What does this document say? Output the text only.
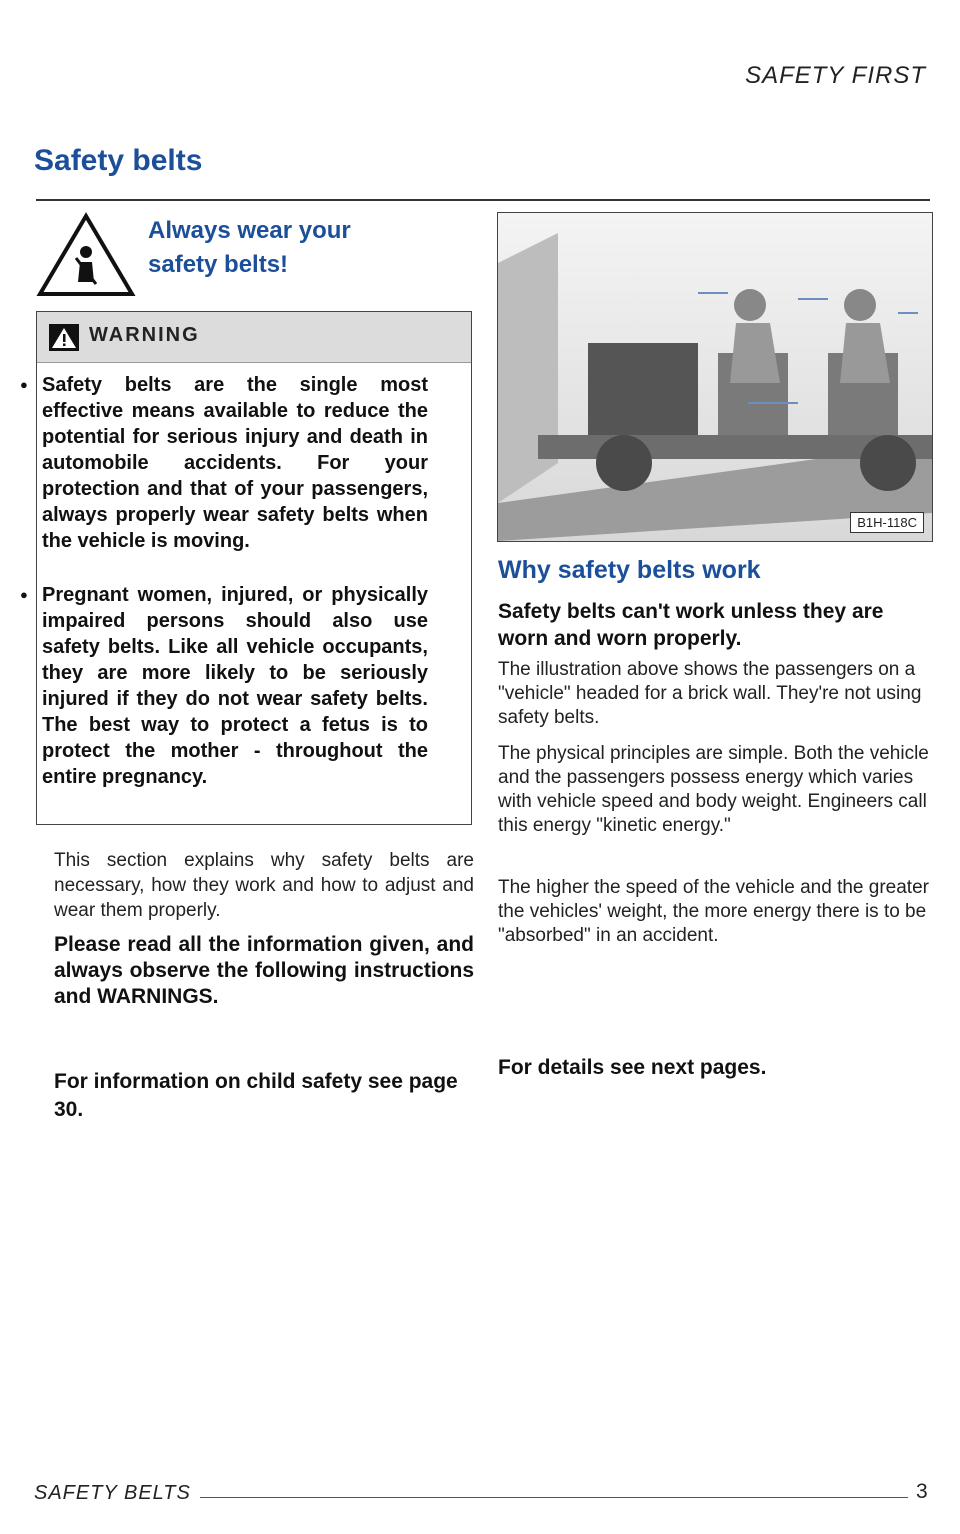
SAFETY FIRST
Safety belts
Always wear your
safety belts!
WARNING
● Safety belts are the single most effective means available to reduce the potential for serious injury and death in automobile accidents. For your protection and that of your passengers, always properly wear safety belts when the vehicle is moving.
● Pregnant women, injured, or physically impaired persons should also use safety belts. Like all vehicle occupants, they are more likely to be seriously injured if they do not wear safety belts. The best way to protect a fetus is to protect the mother - throughout the entire pregnancy.
This section explains why safety belts are necessary, how they work and how to adjust and wear them properly.
Please read all the information given, and always observe the following instructions and WARNINGS.
For information on child safety see page 30.
B1H-118C
Why safety belts work
Safety belts can't work unless they are worn and worn properly.
The illustration above shows the passengers on a "vehicle" headed for a brick wall. They're not using safety belts.
The physical principles are simple. Both the vehicle and the passengers possess energy which varies with vehicle speed and body weight. Engineers call this energy "kinetic energy."
The higher the speed of the vehicle and the greater the vehicles' weight, the more energy there is to be "absorbed" in an accident.
For details see next pages.
SAFETY BELTS	3
